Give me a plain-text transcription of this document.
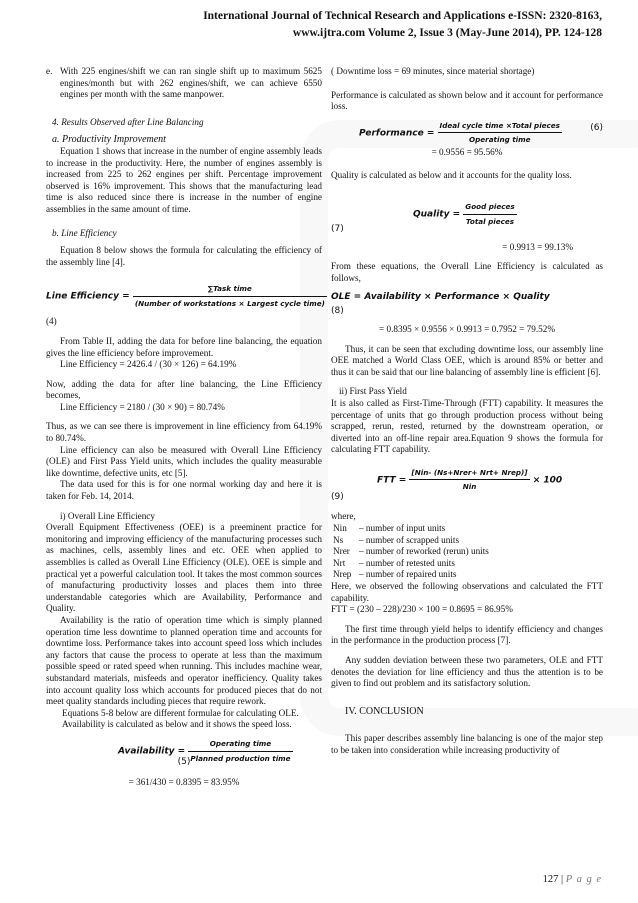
International Journal of Technical Research and Applications e-ISSN: 2320-8163,
www.ijtra.com Volume 2, Issue 3 (May-June 2014), PP. 124-128
e. With 225 engines/shift we can ran single shift up to maximum 5625 engines/month but with 262 engines/shift, we can achieve 6550 engines per month with the same manpower.

4. Results Observed after Line Balancing

a. Productivity Improvement

Equation 1 shows that increase in the number of engine assembly leads to increase in the productivity. Here, the number of engines assembly is increased from 225 to 262 engines per shift. Percentage improvement observed is 16% improvement. This shows that the manufacturing lead time is also reduced since there is increase in the number of engine assemblies in the same amount of time.

b. Line Efficiency

Equation 8 below shows the formula for calculating the efficiency of the assembly line [4].

Line Efficiency = $\frac{\text{∑Task time}}{\text{(Number of workstations × Largest cycle time)}}$

(4)

From Table II, adding the data for before line balancing, the equation gives the line efficiency before improvement.

Line Efficiency = 2426.4 / (30 × 126) = 64.19%

Now, adding the data for after line balancing, the Line Efficiency becomes,

Line Efficiency = 2180 / (30 × 90) = 80.74%

Thus, as we can see there is improvement in line efficiency from 64.19% to 80.74%.

Line efficiency can also be measured with Overall Line Efficiency (OLE) and First Pass Yield units, which includes the quality measurable like downtime, defective units, etc [5].

The data used for this is for one normal working day and here it is taken for Feb. 14, 2014.

i) Overall Line Efficiency

Overall Equipment Effectiveness (OEE) is a preeminent practice for monitoring and improving efficiency of the manufacturing processes such as machines, cells, assembly lines and etc. OEE when applied to assemblies is called as Overall Line Efficiency (OLE). OEE is simple and practical yet a powerful calculation tool. It takes the most common sources of manufacturing productivity losses and places them into three understandable categories which are Availability, Performance and Quality.

Availability is the ratio of operation time which is simply planned operation time less downtime to planned operation time and accounts for downtime loss. Performance takes into account speed loss which includes any factors that cause the process to operate at less than the maximum possible speed or rated speed when running. This includes machine wear, substandard materials, misfeeds and operator inefficiency. Quality takes into account quality loss which accounts for produced pieces that do not meet quality standards including pieces that require rework.

Equations 5-8 below are different formulae for calculating OLE.

Availability is calculated as below and it shows the speed loss.

Availability = $\frac{\text{Operating time}}{\text{Planned production time}}$

(5)

= 361/430 = 0.8395 = 83.95%

( Downtime loss = 69 minutes, since material shortage)

Performance is calculated as shown below and it account for performance loss.

Performance = $\frac{\text{Ideal cycle time ×Total pieces}}{\text{Operating time}}$	(6)

= 0.9556 = 95.56%

Quality is calculated as below and it accounts for the quality loss.

Quality = $\frac{\text{Good pieces}}{\text{Total pieces}}$

(7)

= 0.9913 = 99.13%

From these equations, the Overall Line Efficiency is calculated as follows,

OLE = Availability × Performance × Quality

(8)

= 0.8395 × 0.9556 × 0.9913 = 0.7952 = 79.52%

Thus, it can be seen that excluding downtime loss, our assembly line OEE matched a World Class OEE, which is around 85% or better and thus it can be said that our line balancing of assembly line is efficient [6].

ii) First Pass Yield

It is also called as First-Time-Through (FTT) capability. It measures the percentage of units that go through production process without being scrapped, rerun, rested, returned by the downstream operation, or diverted into an off-line repair area.Equation 9 shows the formula for calculating FTT capability.

FTT = $\frac{\text{[Nin- (Ns+Nrer+ Nrt+ Nrep)]}}{\text{Nin}} \times 100$

(9)

where,

Nin	– number of input units
Ns	– number of scrapped units
Nrer – number of reworked (rerun) units
Nrt	– number of retested units
Nrep – number of repaired units

Here, we observed the following observations and calculated the FTT capability.

FTT = (230 – 228)/230 × 100 = 0.8695 = 86.95%

The first time through yield helps to identify efficiency and changes in the performance in the production process [7].

Any sudden deviation between these two parameters, OLE and FTT denotes the deviation for line efficiency and thus the attention is to be given to find out problem and its satisfactory solution.

IV. CONCLUSION

This paper describes assembly line balancing is one of the major step to be taken into consideration while increasing productivity of

127 | P a g e
